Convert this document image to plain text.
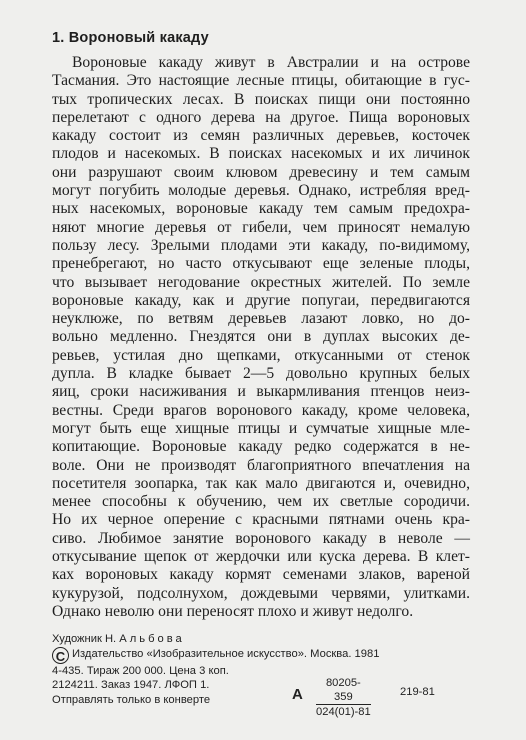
1. Вороновый какаду
Вороновые какаду живут в Австралии и на острове
Тасмания. Это настоящие лесные птицы, обитающие в гус-
тых тропических лесах. В поисках пищи они постоянно
перелетают с одного дерева на другое. Пища вороновых
какаду состоит из семян различных деревьев, косточек
плодов и насекомых. В поисках насекомых и их личинок
они разрушают своим клювом древесину и тем самым
могут погубить молодые деревья. Однако, истребляя вред-
ных насекомых, вороновые какаду тем самым предохра-
няют многие деревья от гибели, чем приносят немалую
пользу лесу. Зрелыми плодами эти какаду, по-видимому,
пренебрегают, но часто откусывают еще зеленые плоды,
что вызывает негодование окрестных жителей. По земле
вороновые какаду, как и другие попугаи, передвигаются
неуклюже, по ветвям деревьев лазают ловко, но до-
вольно медленно. Гнездятся они в дуплах высоких де-
ревьев, устилая дно щепками, откусанными от стенок
дупла. В кладке бывает 2—5 довольно крупных белых
яиц, сроки насиживания и выкармливания птенцов неиз-
вестны. Среди врагов воронового какаду, кроме человека,
могут быть еще хищные птицы и сумчатые хищные мле-
копитающие. Вороновые какаду редко содержатся в не-
воле. Они не производят благоприятного впечатления на
посетителя зоопарка, так как мало двигаются и, очевидно,
менее способны к обучению, чем их светлые сородичи.
Но их черное оперение с красными пятнами очень кра-
сиво. Любимое занятие воронового какаду в неволе —
откусывание щепок от жердочки или куска дерева. В клет-
ках вороновых какаду кормят семенами злаков, вареной
кукурузой, подсолнухом, дождевыми червями, улитками.
Однако неволю они переносят плохо и живут недолго.
Художник Н. Альбова
C Издательство «Изобразительное искусство». Москва. 1981
4-435. Тираж 200 000. Цена 3 коп.
2124211. Заказ 1947. ЛФОП 1.
Отправлять только в конверте	А $\frac{80205-359}{024(01)-81}$	219-81
